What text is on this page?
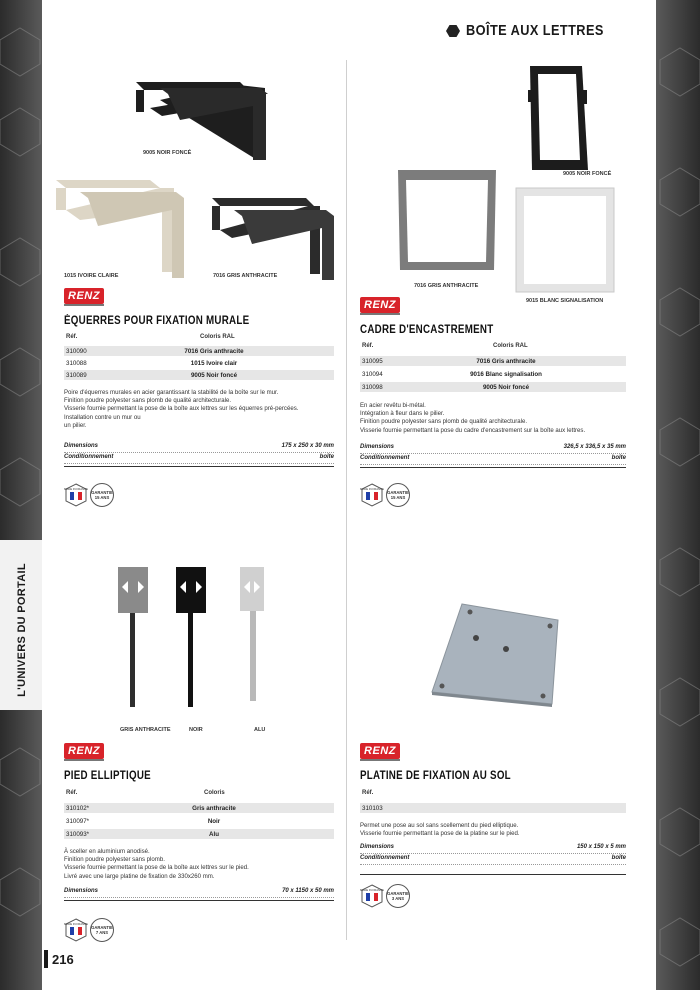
BOÎTE AUX LETTRES
L'UNIVERS DU PORTAIL
9005 NOIR FONCÉ
1015 IVOIRE CLAIRE	7016 GRIS ANTHRACITE
RENZ
ÉQUERRES POUR FIXATION MURALE
Réf.	Coloris RAL
310090	7016 Gris anthracite
310088	1015 Ivoire clair
310089	9005 Noir foncé
Poire d'équerres murales en acier garantissant la stabilité de la boîte sur le mur.
Finition poudre polyester sans plomb de qualité architecturale.
Visserie fournie permettant la pose de la boîte aux lettres sur les équerres pré-percées.
Installation contre un mur ou
un pilier.
Dimensions	175 x 250 x 30 mm
Conditionnement	boîte
MADE IN FRANCE
GARANTIE
15 ANS
9005 NOIR FONCÉ
7016 GRIS ANTHRACITE
9015 BLANC SIGNALISATION
RENZ
CADRE D'ENCASTREMENT
Réf.	Coloris RAL
310095	7016 Gris anthracite
310094	9016 Blanc signalisation
310098	9005 Noir foncé
En acier revêtu bi-métal.
Intégration à fleur dans le pilier.
Finition poudre polyester sans plomb de qualité architecturale.
Visserie fournie permettant la pose du cadre d'encastrement sur la boîte aux lettres.
Dimensions	326,5 x 336,5 x 35 mm
Conditionnement	boîte
MADE IN FRANCE
GARANTIE
15 ANS
GRIS ANTHRACITE	NOIR	ALU
RENZ
PIED ELLIPTIQUE
Réf.	Coloris
310102*	Gris anthracite
310097*	Noir
310093*	Alu
À sceller en aluminium anodisé.
Finition poudre polyester sans plomb.
Visserie fournie permettant la pose de la boîte aux lettres sur le pied.
Livré avec une large platine de fixation de 330x260 mm.
Dimensions	70 x 1150 x 50 mm
MADE IN FRANCE
GARANTIE
7 ANS
RENZ
PLATINE DE FIXATION AU SOL
Réf.
310103
Permet une pose au sol sans scellement du pied elliptique.
Visserie fournie permettant la pose de la platine sur le pied.
Dimensions	150 x 150 x 5 mm
Conditionnement	boîte
MADE IN FRANCE
GARANTIE
3 ANS
216
